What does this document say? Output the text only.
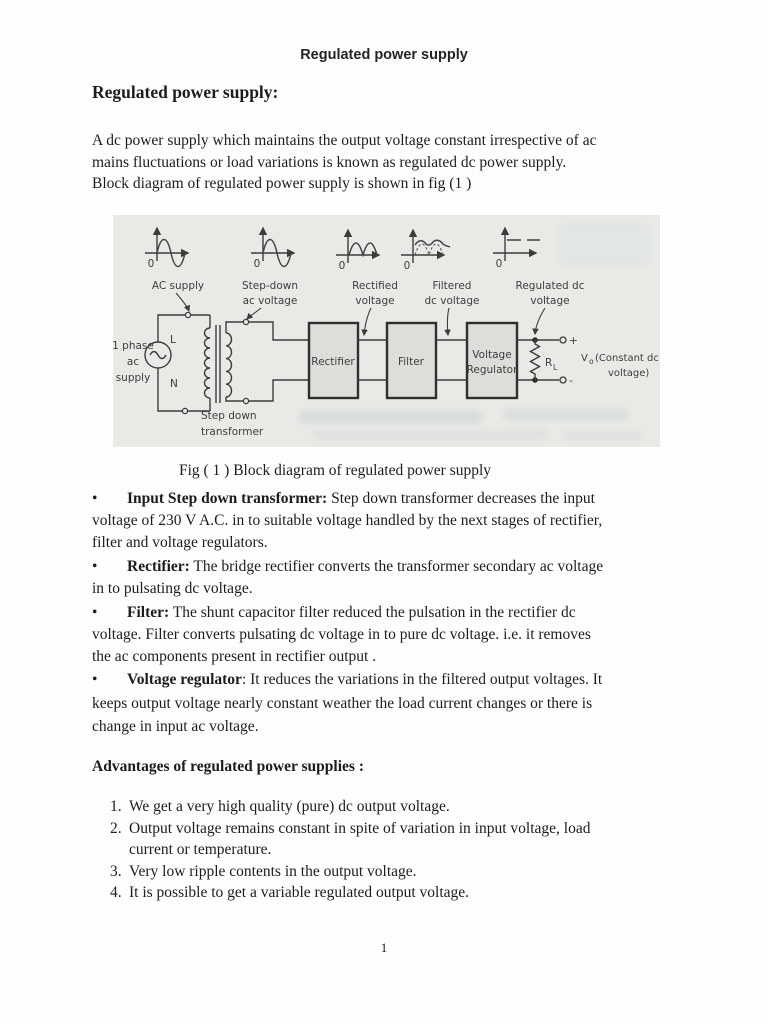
Regulated power supply
Regulated power supply:
A dc power supply which maintains the output voltage constant irrespective of ac
mains fluctuations or load variations is known as regulated dc power supply.
Block diagram of regulated power supply is shown in fig (1 )
0
AC supply
0
Step-down
ac voltage
0
Rectified
voltage
0
Filtered
dc voltage
0
Regulated dc
voltage
1 phase
ac
supply
L
N
Step down
transformer
Rectifier	Filter
Voltage
Regulator
R L
+
-
V o (Constant dc
voltage)
Fig ( 1 ) Block diagram of regulated power supply
• Input Step down transformer: Step down transformer decreases the input
voltage of 230 V A.C. in to suitable voltage handled by the next stages of rectifier,
filter and voltage regulators.
• Rectifier: The bridge rectifier converts the transformer secondary ac voltage
in to pulsating dc voltage.
• Filter: The shunt capacitor filter reduced the pulsation in the rectifier dc
voltage. Filter converts pulsating dc voltage in to pure dc voltage. i.e. it removes
the ac components present in rectifier output .
• Voltage regulator: It reduces the variations in the filtered output voltages. It
keeps output voltage nearly constant weather the load current changes or there is
change in input ac voltage.
Advantages of regulated power supplies :
1. We get a very high quality (pure) dc output voltage.
2. Output voltage remains constant in spite of variation in input voltage, load
current or temperature.
3. Very low ripple contents in the output voltage.
4. It is possible to get a variable regulated output voltage.
1
